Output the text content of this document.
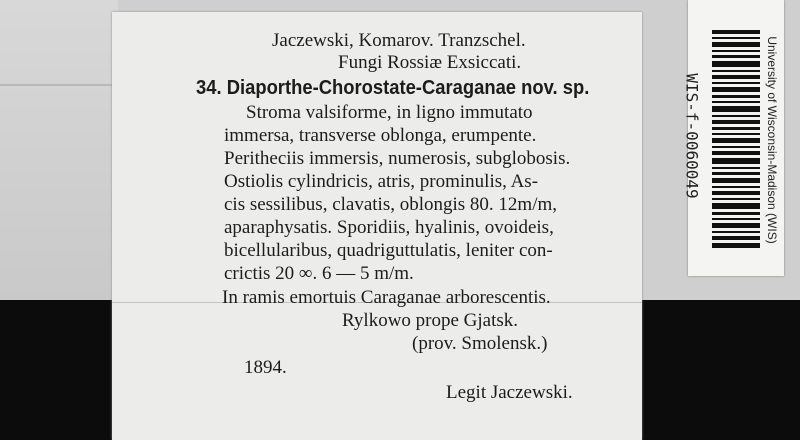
Jaczewski, Komarov. Tranzschel.
Fungi Rossiæ Exsiccati.
34. Diaporthe-Chorostate-Caraganae nov. sp.
Stroma valsiforme, in ligno immutato
immersa, transverse oblonga, erumpente.
Peritheciis immersis, numerosis, subglobosis.
Ostiolis cylindricis, atris, prominulis, As-
cis sessilibus, clavatis, oblongis 80. 12m/m,
aparaphysatis. Sporidiis, hyalinis, ovoideis,
bicellularibus, quadriguttulatis, leniter con-
crictis 20 ∞. 6 — 5 m/m.
In ramis emortuis Caraganae arborescentis.
Rylkowo prope Gjatsk.
(prov. Smolensk.)
1894.
Legit Jaczewski.
WIS-f-0060049	University of Wisconsin-Madison (WIS)
